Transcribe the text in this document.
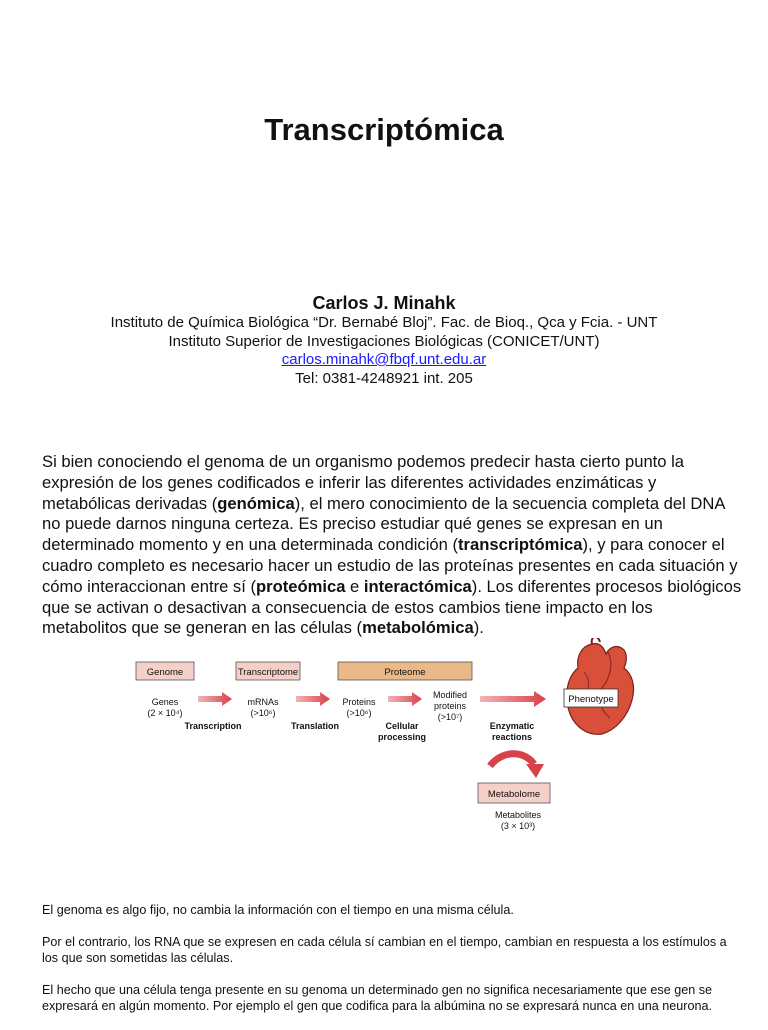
Transcriptómica
Carlos J. Minahk
Instituto de Química Biológica “Dr. Bernabé Bloj”. Fac. de Bioq., Qca y Fcia. - UNT
Instituto Superior de Investigaciones Biológicas (CONICET/UNT)
carlos.minahk@fbqf.unt.edu.ar
Tel: 0381-4248921 int. 205
Si bien conociendo el genoma de un organismo podemos predecir hasta cierto punto la expresión de los genes codificados e inferir las diferentes actividades enzimáticas y metabólicas derivadas (genómica), el mero conocimiento de la secuencia completa del DNA no puede darnos ninguna certeza. Es preciso estudiar qué genes se expresan en un determinado momento y en una determinada condición (transcriptómica), y para conocer el cuadro completo es necesario hacer un estudio de las proteínas presentes en cada situación y cómo interaccionan entre sí (proteómica e interactómica). Los diferentes procesos biológicos que se activan o desactivan a consecuencia de estos cambios tiene impacto en los metabolitos que se generan en las células (metabolómica).
Genome	Transcriptome	Proteome
Genes
(2 × 10⁴)
mRNAs
(>10⁶)
Proteins
(>10⁶)
Modified
proteins
(>10⁷)
Transcription	Translation	Cellular
processing
Enzymatic
reactions
Phenotype
Metabolome
Metabolites
(3 × 10³)

El genoma es algo fijo, no cambia la información con el tiempo en una misma célula.

Por el contrario, los RNA que se expresen en cada célula sí cambian en el tiempo, cambian en respuesta a los estímulos a los que son sometidas las células.

El hecho que una célula tenga presente en su genoma un determinado gen no significa necesariamente que ese gen se expresará en algún momento. Por ejemplo el gen que codifica para la albúmina no se expresará nunca en una neurona.
